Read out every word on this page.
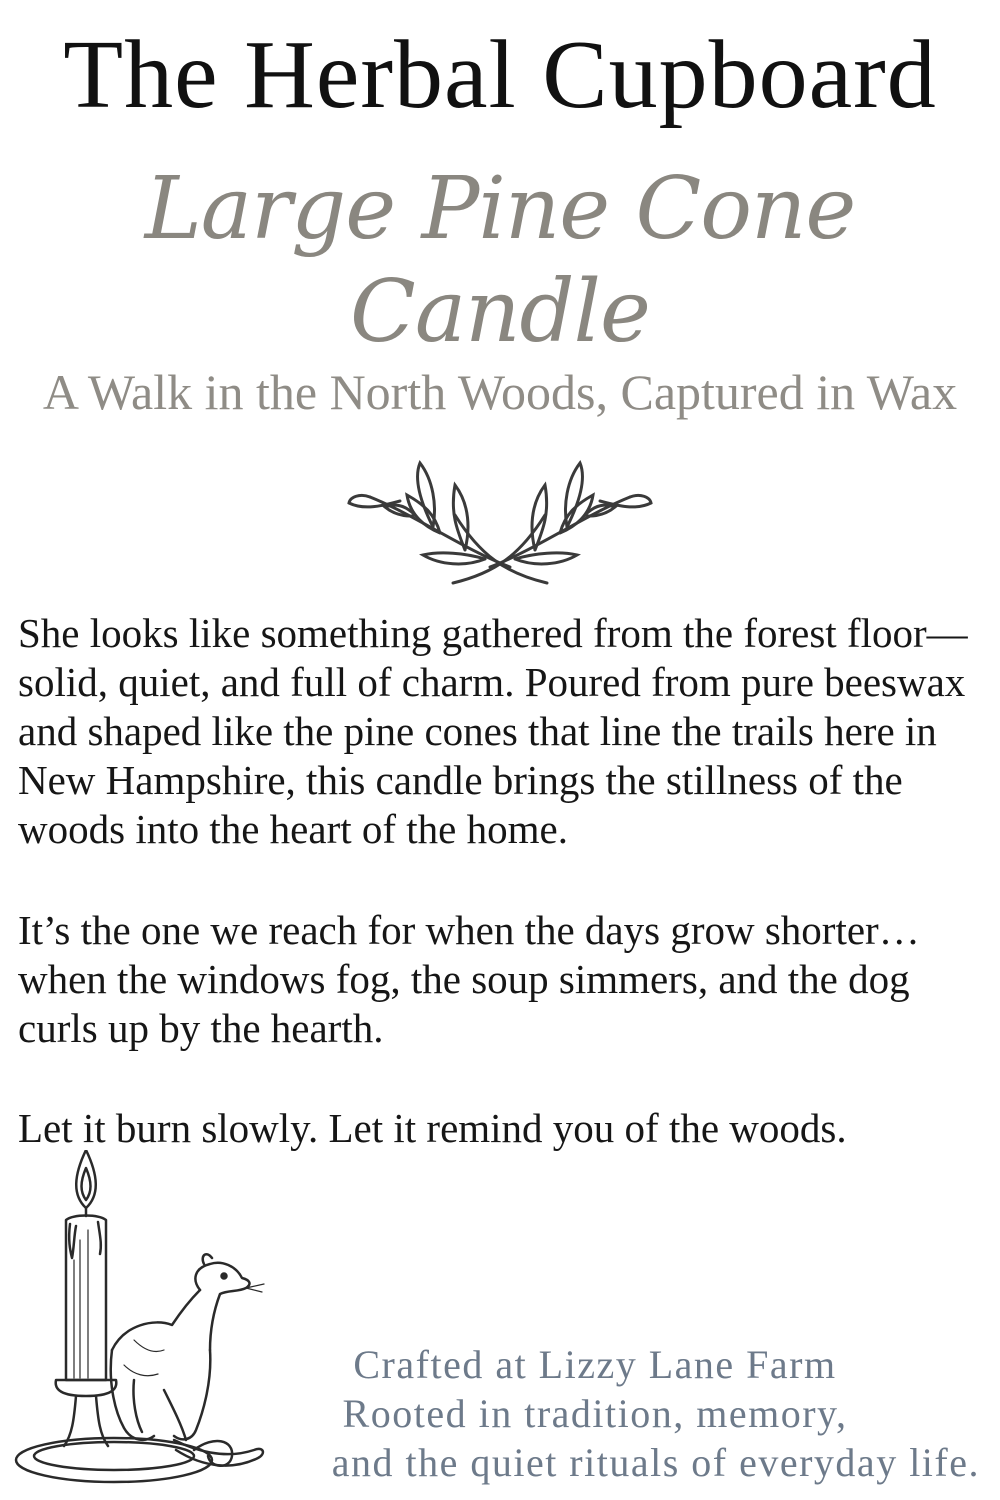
The Herbal Cupboard
Large Pine Cone Candle
A Walk in the North Woods, Captured in Wax
She looks like something gathered from the forest floor—solid, quiet, and full of charm. Poured from pure beeswax and shaped like the pine cones that line the trails here in New Hampshire, this candle brings the stillness of the woods into the heart of the home.
It’s the one we reach for when the days grow shorter… when the windows fog, the soup simmers, and the dog curls up by the hearth.
Let it burn slowly. Let it remind you of the woods.
Crafted at Lizzy Lane Farm
Rooted in tradition, memory,
and the quiet rituals of everyday life.
